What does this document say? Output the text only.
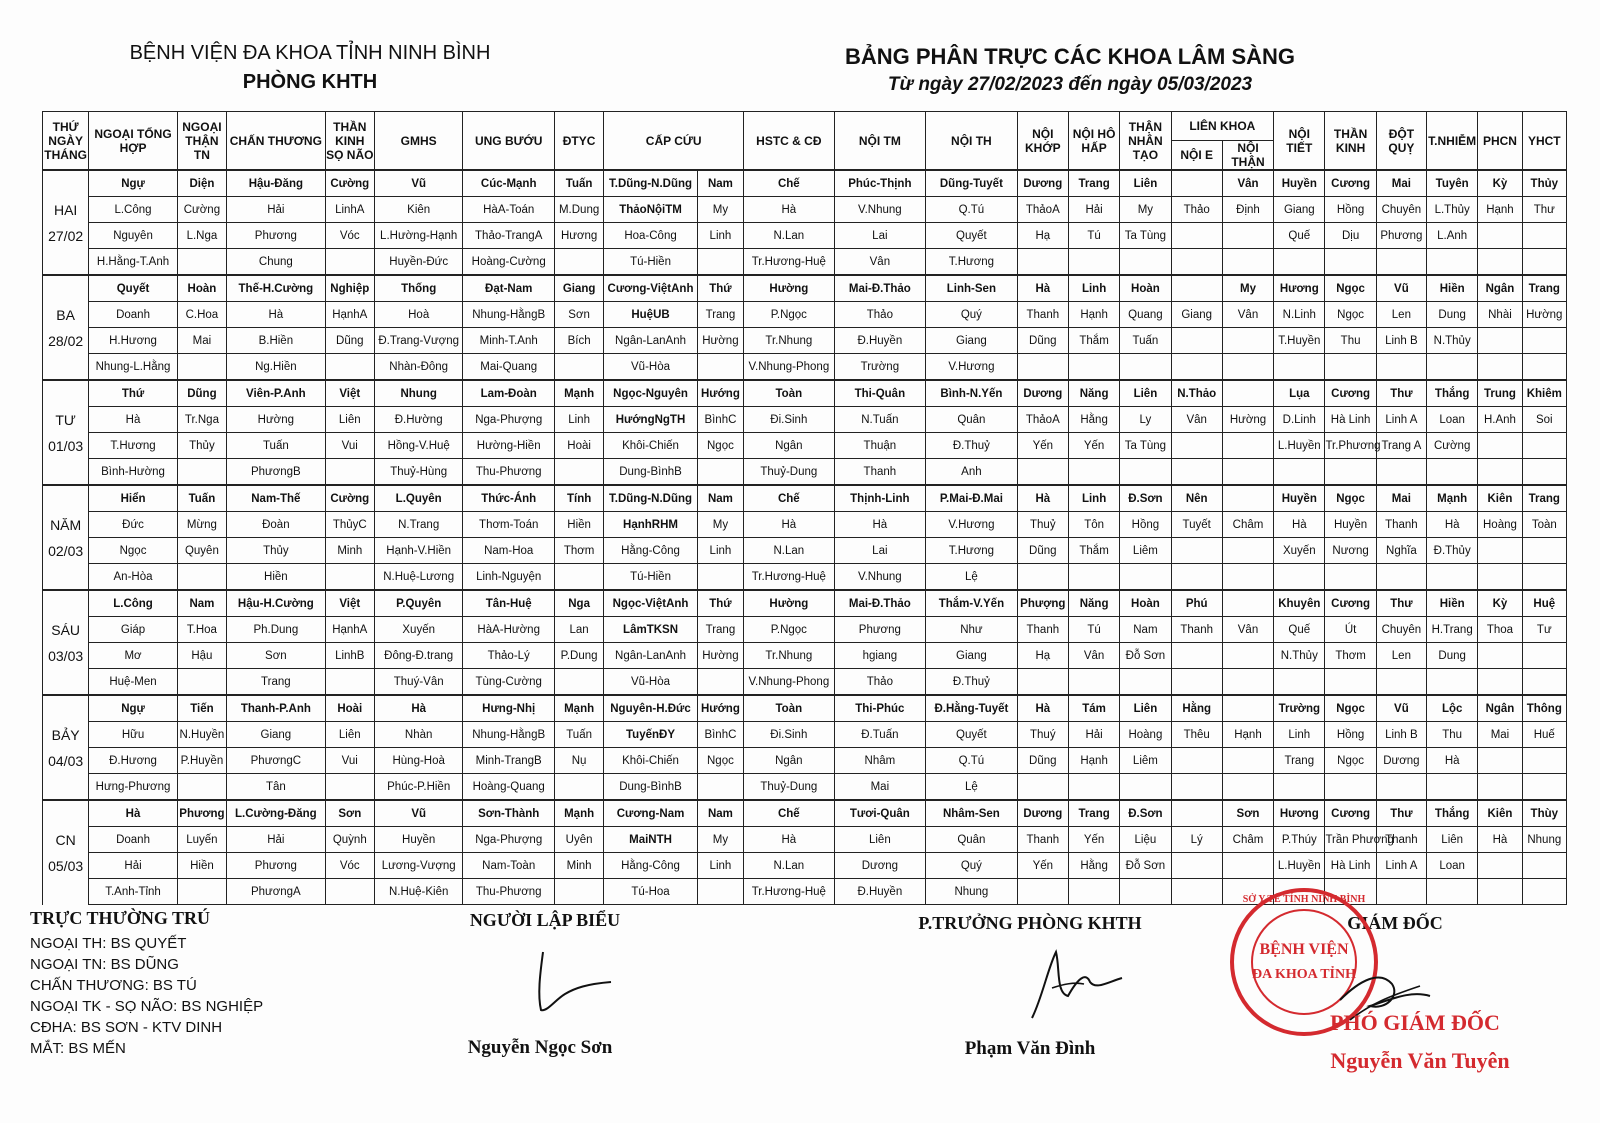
BỆNH VIỆN ĐA KHOA TỈNH NINH BÌNH
PHÒNG KHTH
BẢNG PHÂN TRỰC CÁC KHOA LÂM SÀNG
Từ ngày 27/02/2023 đến ngày 05/03/2023
THỨ NGÀY THÁNG	NGOẠI TỔNG HỢP	NGOẠI THẬN TN	CHẤN THƯƠNG	THẦN KINH SỌ NÃO	GMHS	UNG BƯỚU	ĐTYC	CẤP CỨU		HSTC & CĐ	NỘI TM	NỘI TH	NỘI KHỚP	NỘI HÔ HẤP	THẬN NHÂN TẠO	LIÊN KHOA		NỘI TIẾT	THẦN KINH	ĐỘT QUỴ	T.NHIỄM	PHCN	YHCT
																NỘI E	NỘI THẬN						
	Ngự	Diện	Hậu-Đăng	Cường	Vũ	Cúc-Mạnh	Tuấn	T.Dũng-N.Dũng	Nam	Chế	Phúc-Thịnh	Dũng-Tuyết	Dương	Trang	Liên		Vân	Huyền	Cương	Mai	Tuyên	Kỳ	Thủy
HAI	L.Công	Cường	Hải	LinhA	Kiên	HàA-Toán	M.Dung	ThảoNộiTM	My	Hà	V.Nhung	Q.Tú	ThảoA	Hải	My	Thảo	Định	Giang	Hồng	Chuyên	L.Thủy	Hạnh	Thư
27/02	Nguyên	L.Nga	Phương	Vóc	L.Hường-Hạnh	Thảo-TrangA	Hương	Hoa-Công	Linh	N.Lan	Lai	Quyết	Hạ	Tú	Ta Tùng			Quế	Dịu	Phương	L.Anh		
	H.Hằng-T.Anh		Chung		Huyền-Đức	Hoàng-Cường		Tú-Hiền		Tr.Hương-Huệ	Vân	T.Hương											
	Quyết	Hoàn	Thế-H.Cường	Nghiệp	Thống	Đạt-Nam	Giang	Cương-ViệtAnh	Thứ	Hường	Mai-Đ.Thảo	Linh-Sen	Hà	Linh	Hoàn		My	Hương	Ngọc	Vũ	Hiền	Ngân	Trang
BA	Doanh	C.Hoa	Hà	HạnhA	Hoà	Nhung-HằngB	Sơn	HuệUB	Trang	P.Ngọc	Thảo	Quý	Thanh	Hạnh	Quang	Giang	Vân	N.Linh	Ngọc	Len	Dung	Nhài	Hường
28/02	H.Hương	Mai	B.Hiền	Dũng	Đ.Trang-Vượng	Minh-T.Anh	Bích	Ngân-LanAnh	Hường	Tr.Nhung	Đ.Huyền	Giang	Dũng	Thắm	Tuấn			T.Huyền	Thu	Linh B	N.Thủy		
	Nhung-L.Hằng		Ng.Hiền		Nhàn-Đông	Mai-Quang		Vũ-Hòa		V.Nhung-Phong	Trường	V.Hương											
	Thứ	Dũng	Viên-P.Anh	Việt	Nhung	Lam-Đoàn	Mạnh	Ngọc-Nguyên	Hướng	Toàn	Thi-Quân	Bình-N.Yến	Dương	Năng	Liên	N.Thảo		Lụa	Cương	Thư	Thắng	Trung	Khiêm
TƯ	Hà	Tr.Nga	Hường	Liên	Đ.Hường	Nga-Phượng	Linh	HướngNgTH	BìnhC	Đi.Sinh	N.Tuấn	Quân	ThảoA	Hằng	Ly	Vân	Hường	D.Linh	Hà Linh	Linh A	Loan	H.Anh	Soi
01/03	T.Hương	Thủy	Tuấn	Vui	Hồng-V.Huệ	Hường-Hiền	Hoài	Khôi-Chiến	Ngọc	Ngân	Thuận	Đ.Thuỷ	Yến	Yến	Ta Tùng			L.Huyền	Tr.Phương	Trang A	Cường		
	Bình-Hường		PhươngB		Thuỷ-Hùng	Thu-Phương		Dung-BìnhB		Thuỷ-Dung	Thanh	Anh											
	Hiển	Tuấn	Nam-Thế	Cường	L.Quyên	Thức-Ánh	Tính	T.Dũng-N.Dũng	Nam	Chế	Thịnh-Linh	P.Mai-Đ.Mai	Hà	Linh	Đ.Sơn	Nên		Huyền	Ngọc	Mai	Mạnh	Kiên	Trang
NĂM	Đức	Mừng	Đoàn	ThủyC	N.Trang	Thơm-Toán	Hiền	HạnhRHM	My	Hà	Hà	V.Hương	Thuỷ	Tôn	Hồng	Tuyết	Châm	Hà	Huyền	Thanh	Hà	Hoàng	Toàn
02/03	Ngọc	Quyên	Thủy	Minh	Hạnh-V.Hiền	Nam-Hoa	Thơm	Hằng-Công	Linh	N.Lan	Lai	T.Hương	Dũng	Thắm	Liêm			Xuyến	Nương	Nghĩa	Đ.Thủy		
	An-Hòa		Hiền		N.Huệ-Lương	Linh-Nguyện		Tú-Hiền		Tr.Hương-Huệ	V.Nhung	Lệ											
	L.Công	Nam	Hậu-H.Cường	Việt	P.Quyên	Tân-Huệ	Nga	Ngọc-ViệtAnh	Thứ	Hường	Mai-Đ.Thảo	Thắm-V.Yến	Phượng	Năng	Hoàn	Phú		Khuyên	Cương	Thư	Hiền	Kỳ	Huệ
SÁU	Giáp	T.Hoa	Ph.Dung	HạnhA	Xuyến	HàA-Hường	Lan	LâmTKSN	Trang	P.Ngọc	Phương	Như	Thanh	Tú	Nam	Thanh	Vân	Quế	Út	Chuyên	H.Trang	Thoa	Tư
03/03	Mơ	Hậu	Sơn	LinhB	Đông-Đ.trang	Thảo-Lý	P.Dung	Ngân-LanAnh	Hường	Tr.Nhung	hgiang	Giang	Hạ	Vân	Đỗ Sơn			N.Thủy	Thơm	Len	Dung		
	Huệ-Men		Trang		Thuý-Vân	Tùng-Cường		Vũ-Hòa		V.Nhung-Phong	Thảo	Đ.Thuỷ											
	Ngự	Tiến	Thanh-P.Anh	Hoài	Hà	Hưng-Nhị	Mạnh	Nguyên-H.Đức	Hướng	Toàn	Thi-Phúc	Đ.Hằng-Tuyết	Hà	Tám	Liên	Hằng		Trường	Ngọc	Vũ	Lộc	Ngân	Thông
BẢY	Hữu	N.Huyền	Giang	Liên	Nhàn	Nhung-HằngB	Tuấn	TuyếnĐY	BìnhC	Đi.Sinh	Đ.Tuấn	Quyết	Thuý	Hải	Hoàng	Thêu	Hạnh	Linh	Hồng	Linh B	Thu	Mai	Huế
04/03	Đ.Hương	P.Huyền	PhươngC	Vui	Hùng-Hoà	Minh-TrangB	Nụ	Khôi-Chiến	Ngọc	Ngân	Nhâm	Q.Tú	Dũng	Hạnh	Liêm			Trang	Ngọc	Dương	Hà		
	Hưng-Phương		Tân		Phúc-P.Hiền	Hoàng-Quang		Dung-BìnhB		Thuỷ-Dung	Mai	Lệ											
	Hà	Phương	L.Cường-Đăng	Sơn	Vũ	Sơn-Thành	Mạnh	Cương-Nam	Nam	Chế	Tươi-Quân	Nhâm-Sen	Dương	Trang	Đ.Sơn		Sơn	Hương	Cương	Thư	Thắng	Kiên	Thùy
CN	Doanh	Luyến	Hải	Quỳnh	Huyền	Nga-Phượng	Uyên	MaiNTH	My	Hà	Liên	Quân	Thanh	Yến	Liệu	Lý	Châm	P.Thúy	Trần Phương	Thanh	Liên	Hà	Nhung
05/03	Hải	Hiền	Phương	Vóc	Lương-Vượng	Nam-Toàn	Minh	Hằng-Công	Linh	N.Lan	Dương	Quý	Yến	Hằng	Đỗ Sơn			L.Huyền	Hà Linh	Linh A	Loan		
	T.Anh-Tỉnh		PhươngA		N.Huệ-Kiên	Thu-Phương		Tú-Hoa		Tr.Hương-Huệ	Đ.Huyền	Nhung											
TRỰC THƯỜNG TRÚ
NGOẠI TH: BS QUYẾT
NGOẠI TN: BS DŨNG
CHẤN THƯƠNG: BS TÚ
NGOẠI TK - SỌ NÃO: BS NGHIỆP
CĐHA: BS SƠN - KTV DINH
MẮT: BS MẾN
NGƯỜI LẬP BIỂU
Nguyễn Ngọc Sơn
P.TRƯỞNG PHÒNG KHTH
Phạm Văn Đình
GIÁM ĐỐC
SỞ Y TẾ TỈNH NINH BÌNH
BỆNH VIỆN
ĐA KHOA TỈNH
PHÓ GIÁM ĐỐC
Nguyễn Văn Tuyên
